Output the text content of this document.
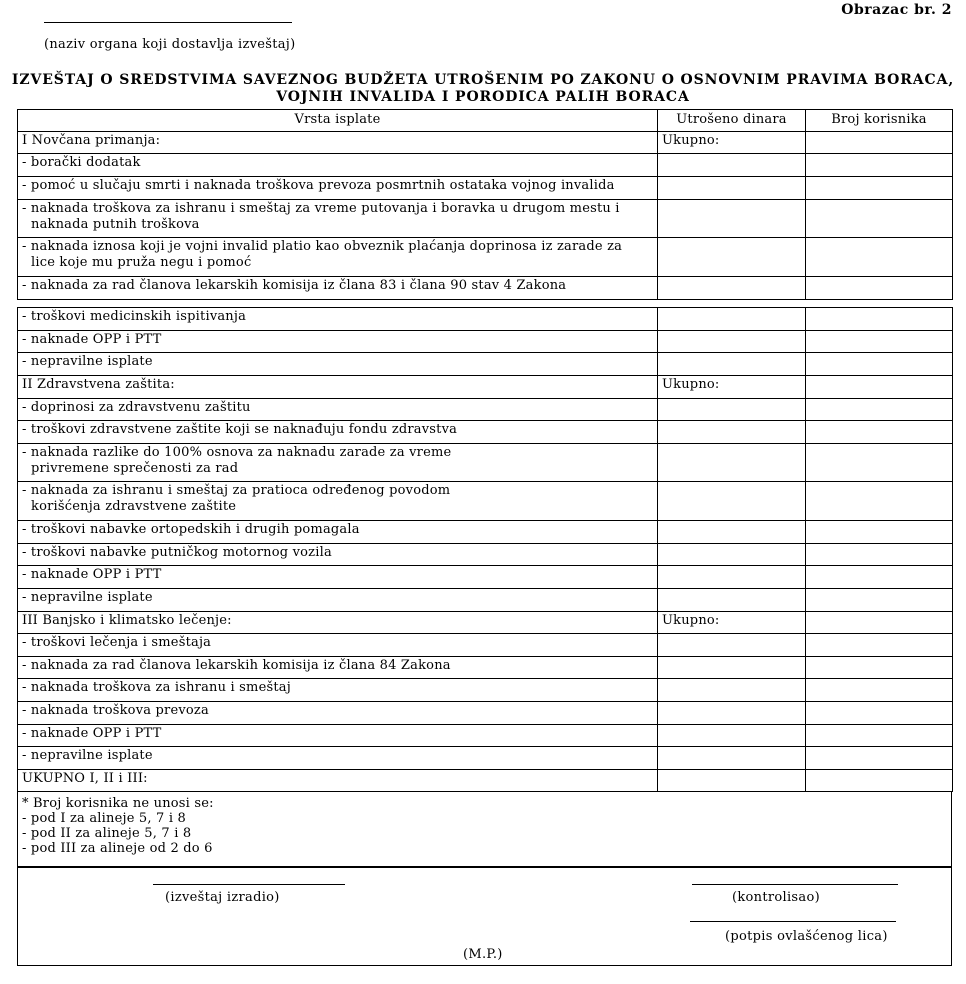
Obrazac br. 2
(naziv organa koji dostavlja izveštaj)
IZVEŠTAJ O SREDSTVIMA SAVEZNOG BUDŽETA UTROŠENIM PO ZAKONU O OSNOVNIM PRAVIMA BORACA,
VOJNIH INVALIDA I PORODICA PALIH BORACA
Vrsta isplate	Utrošeno dinara	Broj korisnika

I Novčana primanja:	Ukupno:	

- borački dodatak		

- pomoć u slučaju smrti i naknada troškova prevoza posmrtnih ostataka vojnog invalida		

- naknada troškova za ishranu i smeštaj za vreme putovanja i boravka u drugom mestu i
naknada putnih troškova		

- naknada iznosa koji je vojni invalid platio kao obveznik plaćanja doprinosa iz zarade za
lice koje mu pruža negu i pomoć		

- naknada za rad članova lekarskih komisija iz člana 83 i člana 90 stav 4 Zakona		

- troškovi medicinskih ispitivanja		

- naknade OPP i PTT		

- nepravilne isplate		

II Zdravstvena zaštita:	Ukupno:	

- doprinosi za zdravstvenu zaštitu		

- troškovi zdravstvene zaštite koji se naknađuju fondu zdravstva		

- naknada razlike do 100% osnova za naknadu zarade za vreme
privremene sprečenosti za rad		

- naknada za ishranu i smeštaj za pratioca određenog povodom
korišćenja zdravstvene zaštite		

- troškovi nabavke ortopedskih i drugih pomagala		

- troškovi nabavke putničkog motornog vozila		

- naknade OPP i PTT		

- nepravilne isplate		

III Banjsko i klimatsko lečenje:	Ukupno:	

- troškovi lečenja i smeštaja		

- naknada za rad članova lekarskih komisija iz člana 84 Zakona		

- naknada troškova za ishranu i smeštaj		

- naknada troškova prevoza		

- naknade OPP i PTT		

- nepravilne isplate		

UKUPNO I, II i III:		

* Broj korisnika ne unosi se:
- pod I za alineje 5, 7 i 8
- pod II za alineje 5, 7 i 8
- pod III za alineje od 2 do 6
(izveštaj izradio)	(kontrolisao)
(potpis ovlašćenog lica)
(M.P.)
